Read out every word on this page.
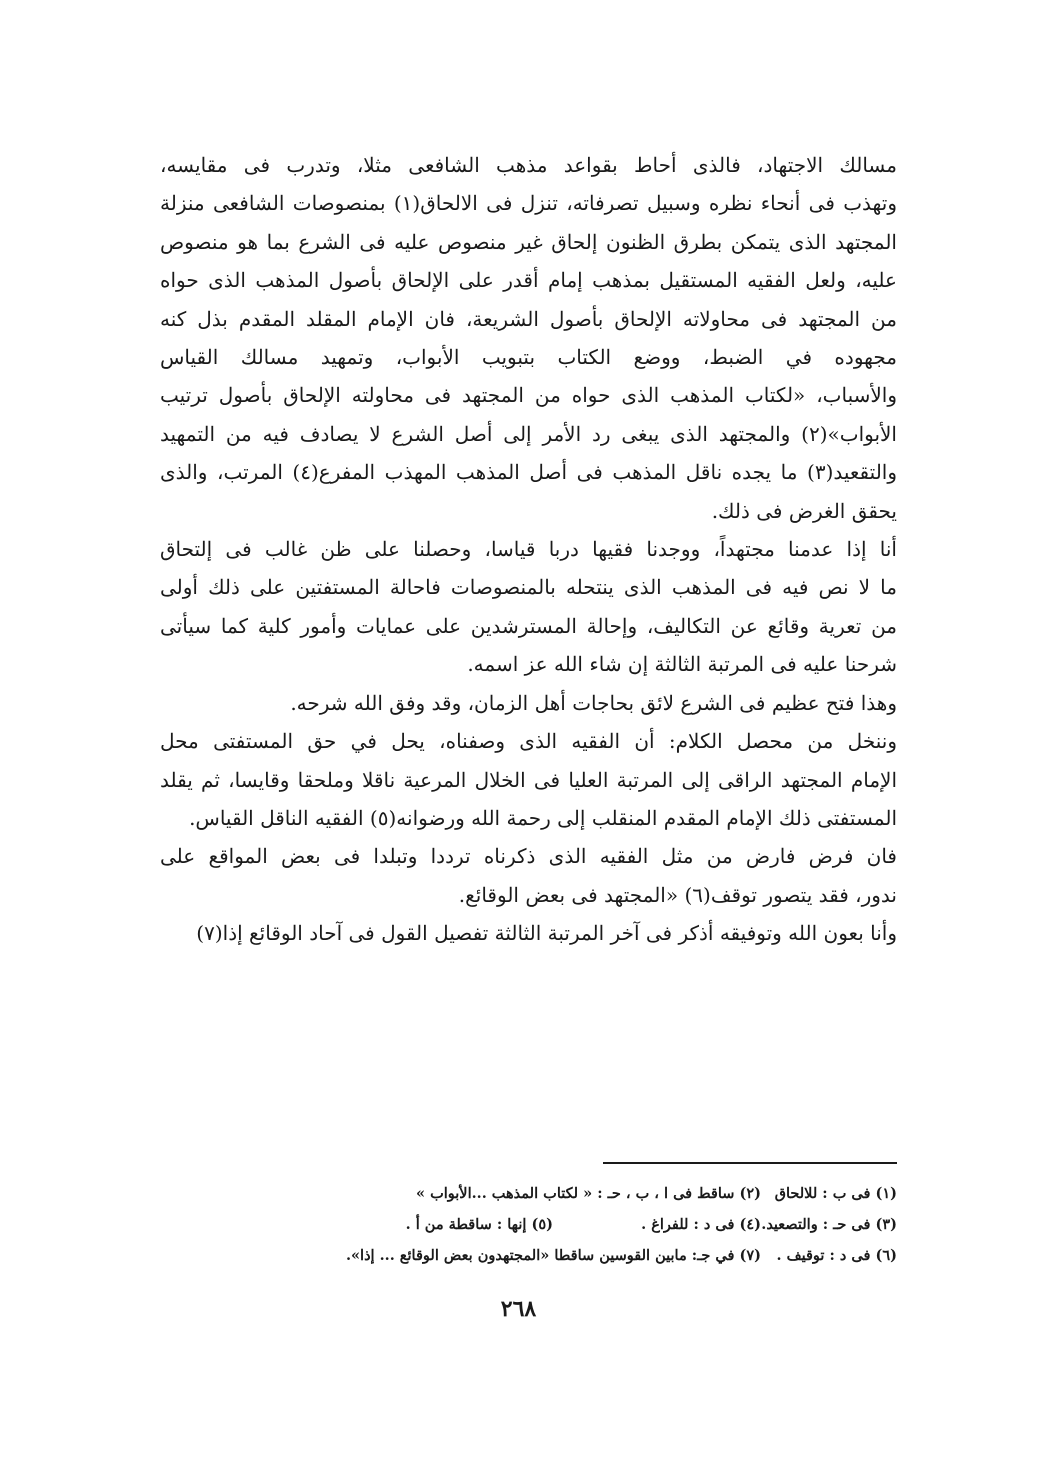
مسالك الاجتهاد، فالذى أحاط بقواعد مذهب الشافعى مثلا، وتدرب فى مقايسه،
وتهذب فى أنحاء نظره وسبيل تصرفاته، تنزل فى الالحاق(١) بمنصوصات الشافعى منزلة
المجتهد الذى يتمكن بطرق الظنون إلحاق غير منصوص عليه فى الشرع بما هو منصوص
عليه، ولعل الفقيه المستقيل بمذهب إمام أقدر على الإلحاق بأصول المذهب الذى حواه
من المجتهد فى محاولاته الإلحاق بأصول الشريعة، فان الإمام المقلد المقدم بذل كنه
مجهوده في الضبط، ووضع الكتاب بتبويب الأبواب، وتمهيد مسالك القياس
والأسباب، «لكتاب المذهب الذى حواه من المجتهد فى محاولته الإلحاق بأصول ترتيب
الأبواب»(٢) والمجتهد الذى يبغى رد الأمر إلى أصل الشرع لا يصادف فيه من التمهيد
والتقعيد(٣) ما يجده ناقل المذهب فى أصل المذهب المهذب المفرع(٤) المرتب، والذى
يحقق الغرض فى ذلك.
أنا إذا عدمنا مجتهداً، ووجدنا فقيها دربا قياسا، وحصلنا على ظن غالب فى إلتحاق
ما لا نص فيه فى المذهب الذى ينتحله بالمنصوصات فاحالة المستفتين على ذلك أولى
من تعرية وقائع عن التكاليف، وإحالة المسترشدين على عمايات وأمور كلية كما سيأتى
شرحنا عليه فى المرتبة الثالثة إن شاء الله عز اسمه.
وهذا فتح عظيم فى الشرع لائق بحاجات أهل الزمان، وقد وفق الله شرحه.
وننخل من محصل الكلام: أن الفقيه الذى وصفناه، يحل في حق المستفتى محل
الإمام المجتهد الراقى إلى المرتبة العليا فى الخلال المرعية ناقلا وملحقا وقايسا، ثم يقلد
المستفتى ذلك الإمام المقدم المنقلب إلى رحمة الله ورضوانه(٥) الفقيه الناقل القياس.
فان فرض فارض من مثل الفقيه الذى ذكرناه ترددا وتبلدا فى بعض المواقع على
ندور، فقد يتصور توقف(٦) «المجتهد فى بعض الوقائع.
وأنا بعون الله وتوفيقه أذكر فى آخر المرتبة الثالثة تفصيل القول فى آحاد الوقائع إذا(٧)
(١) فى ب : للالحاق
(٢) ساقط فى ا ، ب ، حـ : « لكتاب المذهب ...الأبواب »
(٣) فى حـ : والتصعيد.
(٤) فى د : للفراغ .
(٥) إنها : ساقطة من أ .
(٦) فى د : توقيف .
(٧) في جـ: مابين القوسين ساقطا «المجتهدون بعض الوقائع ... إذا».
٢٦٨
